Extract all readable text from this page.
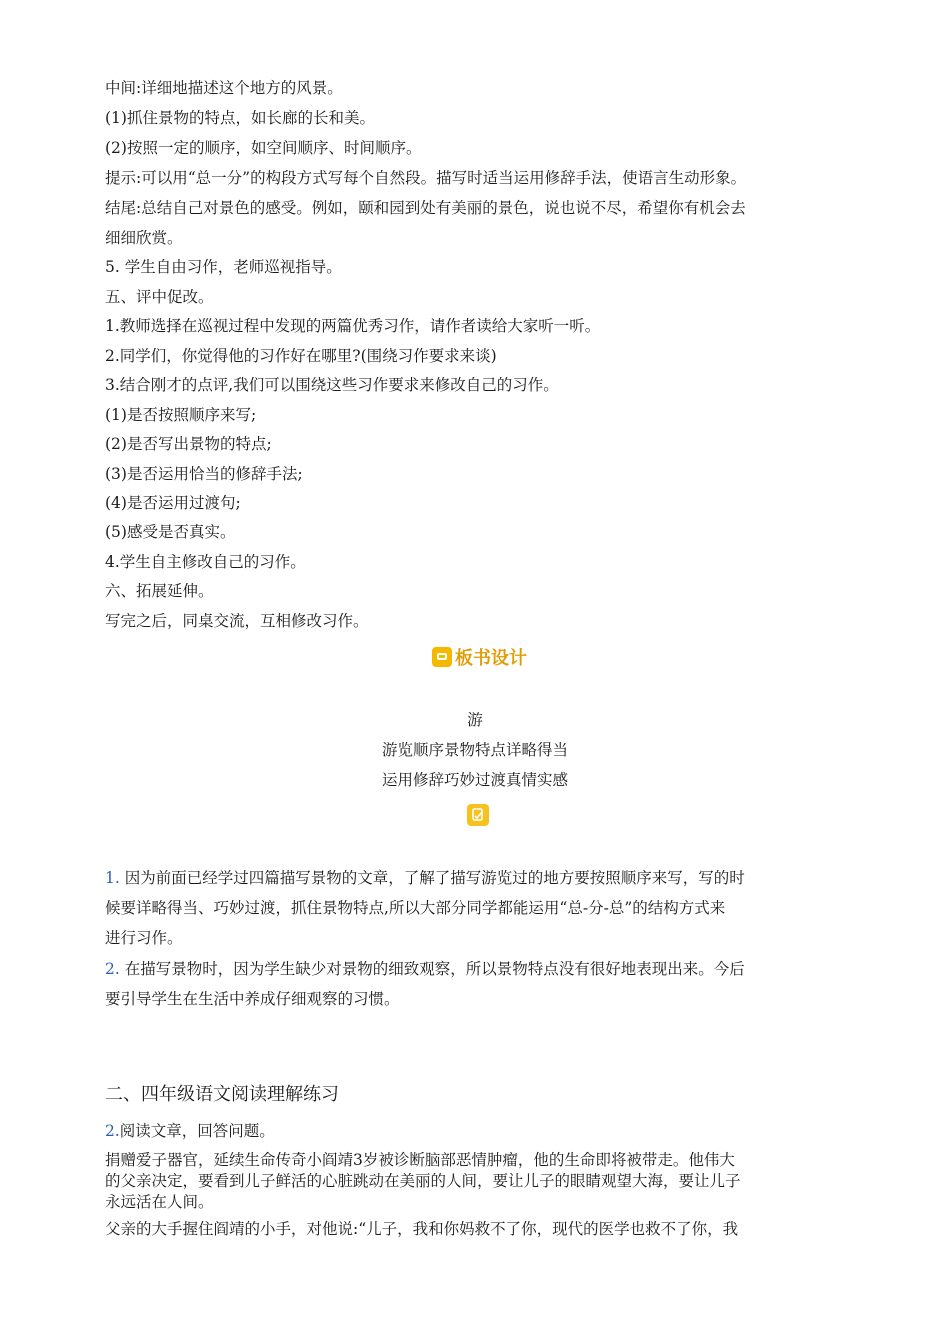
中间:详细地描述这个地方的风景。
(1)抓住景物的特点，如长廊的长和美。
(2)按照一定的顺序，如空间顺序、时间顺序。
提示:可以用“总一分”的构段方式写每个自然段。描写时适当运用修辞手法，使语言生动形象。
结尾:总结自己对景色的感受。例如，颐和园到处有美丽的景色，说也说不尽，希望你有机会去
细细欣赏。
5. 学生自由习作，老师巡视指导。
五、评中促改。
1.教师选择在巡视过程中发现的两篇优秀习作，请作者读给大家听一听。
2.同学们，你觉得他的习作好在哪里?(围绕习作要求来谈)
3.结合刚才的点评,我们可以围绕这些习作要求来修改自己的习作。
(1)是否按照顺序来写;
(2)是否写出景物的特点;
(3)是否运用恰当的修辞手法;
(4)是否运用过渡句;
(5)感受是否真实。
4.学生自主修改自己的习作。
六、拓展延伸。
写完之后，同桌交流，互相修改习作。
板书设计
游
游览顺序景物特点详略得当
运用修辞巧妙过渡真情实感
1. 因为前面已经学过四篇描写景物的文章，了解了描写游览过的地方要按照顺序来写，写的时
候要详略得当、巧妙过渡，抓住景物特点,所以大部分同学都能运用“总-分-总”的结构方式来
进行习作。
2. 在描写景物时，因为学生缺少对景物的细致观察，所以景物特点没有很好地表现出来。今后
要引导学生在生活中养成仔细观察的习惯。
二、四年级语文阅读理解练习
2.阅读文章，回答问题。
捐赠爱子器官，延续生命传奇小阎靖3岁被诊断脑部恶情肿瘤，他的生命即将被带走。他伟大
的父亲决定，要看到儿子鲜活的心脏跳动在美丽的人间，要让儿子的眼睛观望大海，要让儿子
永远活在人间。
父亲的大手握住阎靖的小手，对他说:“儿子，我和你妈救不了你，现代的医学也救不了你，我
